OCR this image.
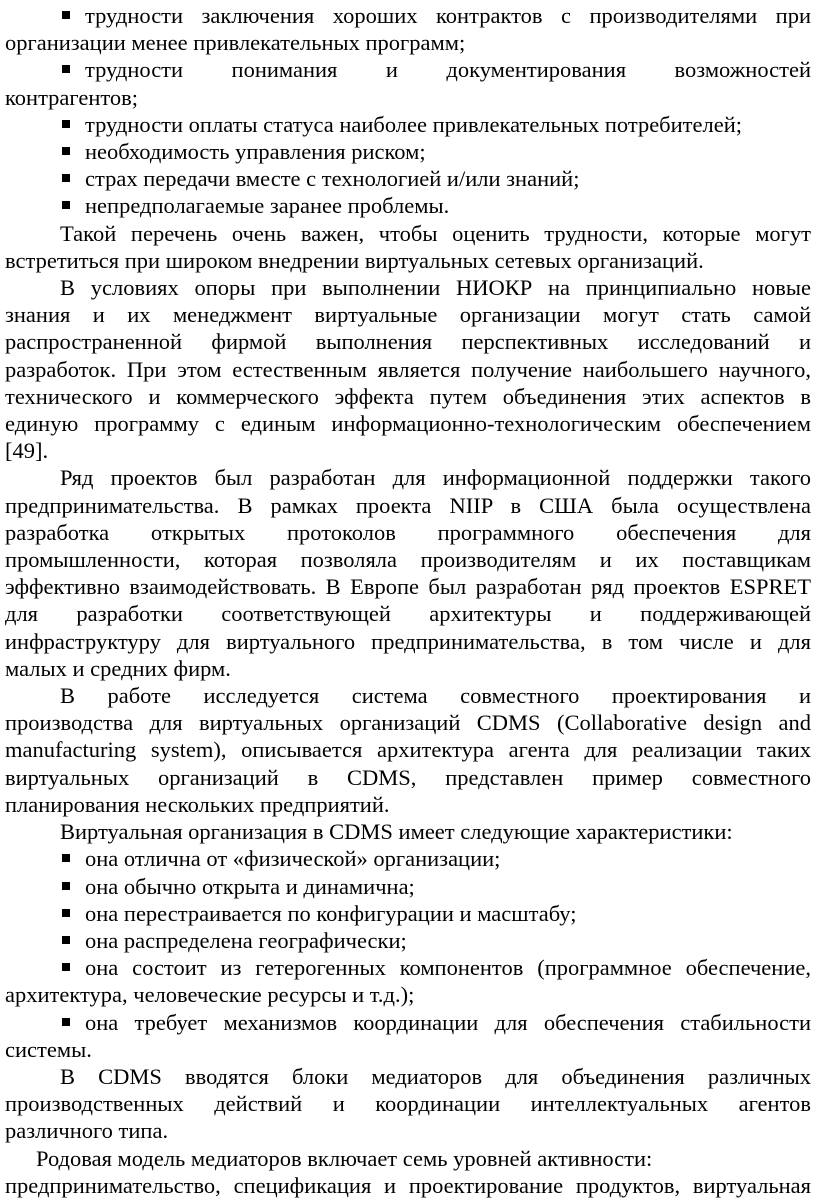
трудности заключения хороших контрактов с производителями при
организации менее привлекательных программ;

трудности понимания и документирования возможностей
контрагентов;

трудности оплаты статуса наиболее привлекательных потребителей;

необходимость управления риском;

страх передачи вместе с технологией и/или знаний;

непредполагаемые заранее проблемы.

Такой перечень очень важен, чтобы оценить трудности, которые могут
встретиться при широком внедрении виртуальных сетевых организаций.

В условиях опоры при выполнении НИОКР на принципиально новые
знания и их менеджмент виртуальные организации могут стать самой
распространенной фирмой выполнения перспективных исследований и
разработок. При этом естественным является получение наибольшего научного,
технического и коммерческого эффекта путем объединения этих аспектов в
единую программу с единым информационно-технологическим обеспечением
[49].

Ряд проектов был разработан для информационной поддержки такого
предпринимательства. В рамках проекта NIIP в США была осуществлена
разработка открытых протоколов программного обеспечения для
промышленности, которая позволяла производителям и их поставщикам
эффективно взаимодействовать. В Европе был разработан ряд проектов ESPRET
для разработки соответствующей архитектуры и поддерживающей
инфраструктуру для виртуального предпринимательства, в том числе и для
малых и средних фирм.

В работе исследуется система совместного проектирования и
производства для виртуальных организаций CDMS (Collaborative design and
manufacturing system), описывается архитектура агента для реализации таких
виртуальных организаций в CDMS, представлен пример совместного
планирования нескольких предприятий.

Виртуальная организация в CDMS имеет следующие характеристики:

она отлична от «физической» организации;

она обычно открыта и динамична;

она перестраивается по конфигурации и масштабу;

она распределена географически;

она состоит из гетерогенных компонентов (программное обеспечение,
архитектура, человеческие ресурсы и т.д.);

она требует механизмов координации для обеспечения стабильности
системы.

В CDMS вводятся блоки медиаторов для объединения различных
производственных действий и координации интеллектуальных агентов
различного типа.

Родовая модель медиаторов включает семь уровней активности:
предпринимательство, спецификация и проектирование продуктов, виртуальная
